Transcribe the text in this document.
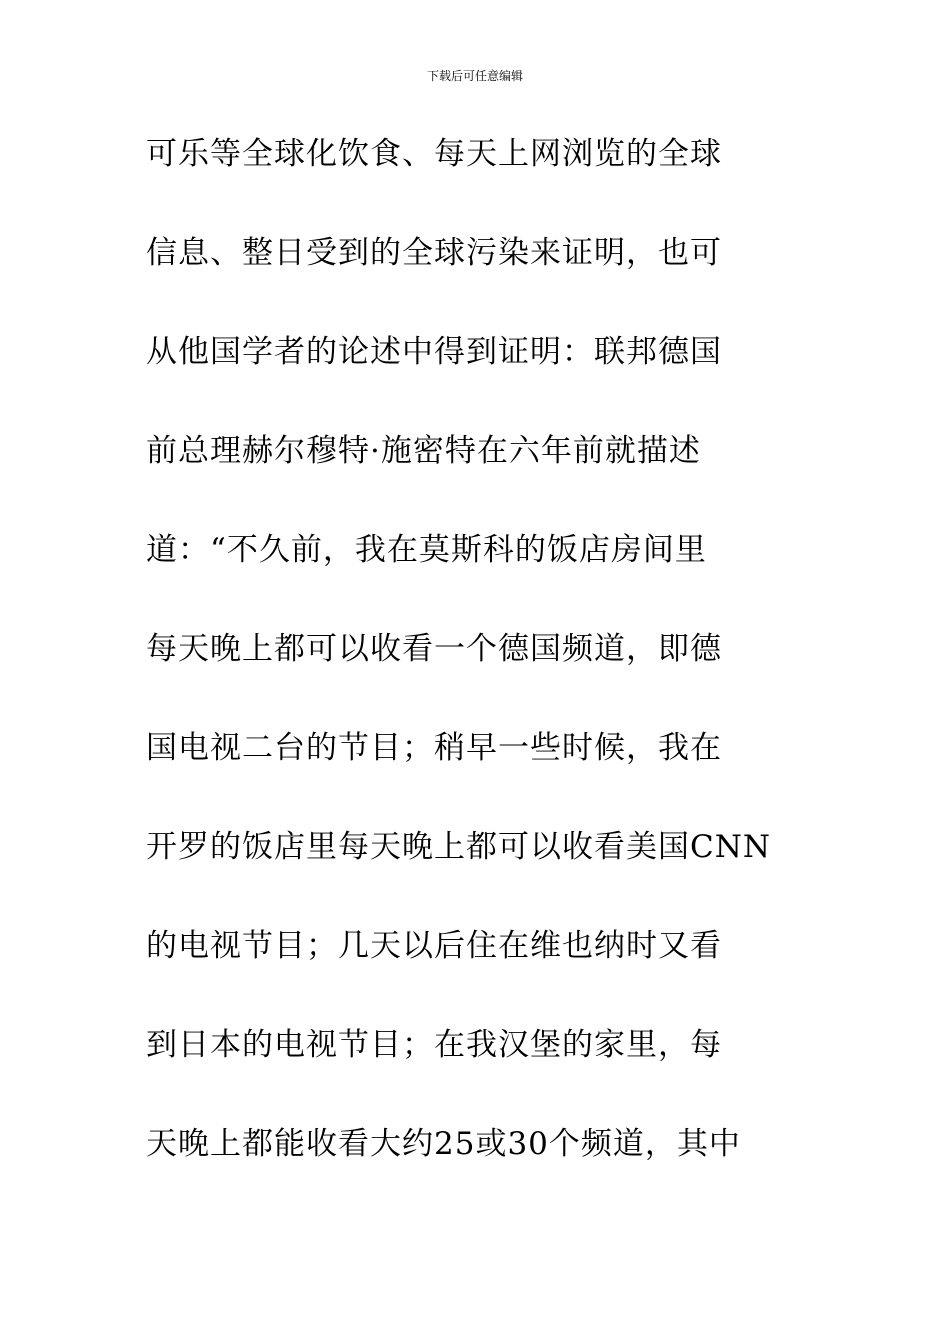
下载后可任意编辑
可乐等全球化饮食、每天上网浏览的全球
信息、整日受到的全球污染来证明，也可
从他国学者的论述中得到证明：联邦德国
前总理赫尔穆特·施密特在六年前就描述
道：“不久前，我在莫斯科的饭店房间里
每天晚上都可以收看一个德国频道，即德
国电视二台的节目；稍早一些时候，我在
开罗的饭店里每天晚上都可以收看美国CNN
的电视节目；几天以后住在维也纳时又看
到日本的电视节目；在我汉堡的家里，每
天晚上都能收看大约25或30个频道，其中
